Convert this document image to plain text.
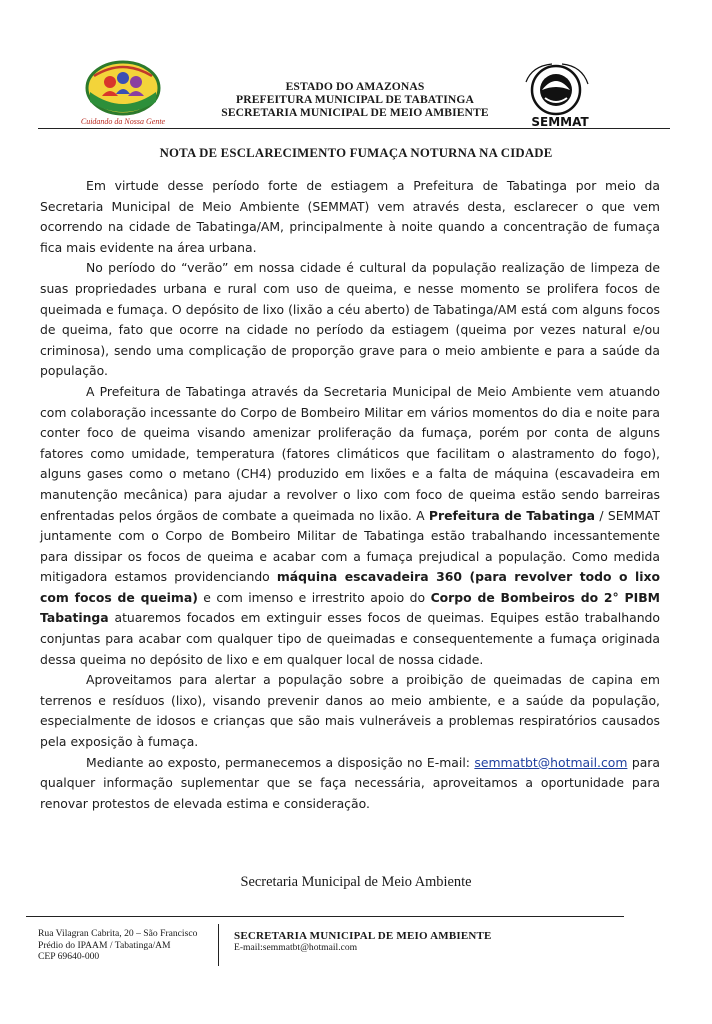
Cuidando da Nossa Gente
ESTADO DO AMAZONAS
PREFEITURA MUNICIPAL DE TABATINGA
SECRETARIA MUNICIPAL DE MEIO AMBIENTE
SEMMAT
NOTA DE ESCLARECIMENTO FUMAÇA NOTURNA NA CIDADE

Em virtude desse período forte de estiagem a Prefeitura de Tabatinga por meio da Secretaria Municipal de Meio Ambiente (SEMMAT) vem através desta, esclarecer o que vem ocorrendo na cidade de Tabatinga/AM, principalmente à noite quando a concentração de fumaça fica mais evidente na área urbana.

No período do “verão” em nossa cidade é cultural da população realização de limpeza de suas propriedades urbana e rural com uso de queima, e nesse momento se prolifera focos de queimada e fumaça. O depósito de lixo (lixão a céu aberto) de Tabatinga/AM está com alguns focos de queima, fato que ocorre na cidade no período da estiagem (queima por vezes natural e/ou criminosa), sendo uma complicação de proporção grave para o meio ambiente e para a saúde da população.

A Prefeitura de Tabatinga através da Secretaria Municipal de Meio Ambiente vem atuando com colaboração incessante do Corpo de Bombeiro Militar em vários momentos do dia e noite para conter foco de queima visando amenizar proliferação da fumaça, porém por conta de alguns fatores como umidade, temperatura (fatores climáticos que facilitam o alastramento do fogo), alguns gases como o metano (CH4) produzido em lixões e a falta de máquina (escavadeira em manutenção mecânica) para ajudar a revolver o lixo com foco de queima estão sendo barreiras enfrentadas pelos órgãos de combate a queimada no lixão. A Prefeitura de Tabatinga / SEMMAT juntamente com o Corpo de Bombeiro Militar de Tabatinga estão trabalhando incessantemente para dissipar os focos de queima e acabar com a fumaça prejudical a população. Como medida mitigadora estamos providenciando máquina escavadeira 360 (para revolver todo o lixo com focos de queima) e com imenso e irrestrito apoio do Corpo de Bombeiros do 2° PIBM Tabatinga atuaremos focados em extinguir esses focos de queimas. Equipes estão trabalhando conjuntas para acabar com qualquer tipo de queimadas e consequentemente a fumaça originada dessa queima no depósito de lixo e em qualquer local de nossa cidade.

Aproveitamos para alertar a população sobre a proibição de queimadas de capina em terrenos e resíduos (lixo), visando prevenir danos ao meio ambiente, e a saúde da população, especialmente de idosos e crianças que são mais vulneráveis a problemas respiratórios causados pela exposição à fumaça.

Mediante ao exposto, permanecemos a disposição no E-mail: semmatbt@hotmail.com para qualquer informação suplementar que se faça necessária, aproveitamos a oportunidade para renovar protestos de elevada estima e consideração.

Secretaria Municipal de Meio Ambiente
Rua Vilagran Cabrita, 20 – São Francisco
Prédio do IPAAM / Tabatinga/AM
CEP 69640-000
SECRETARIA MUNICIPAL DE MEIO AMBIENTE
E-mail:semmatbt@hotmail.com
